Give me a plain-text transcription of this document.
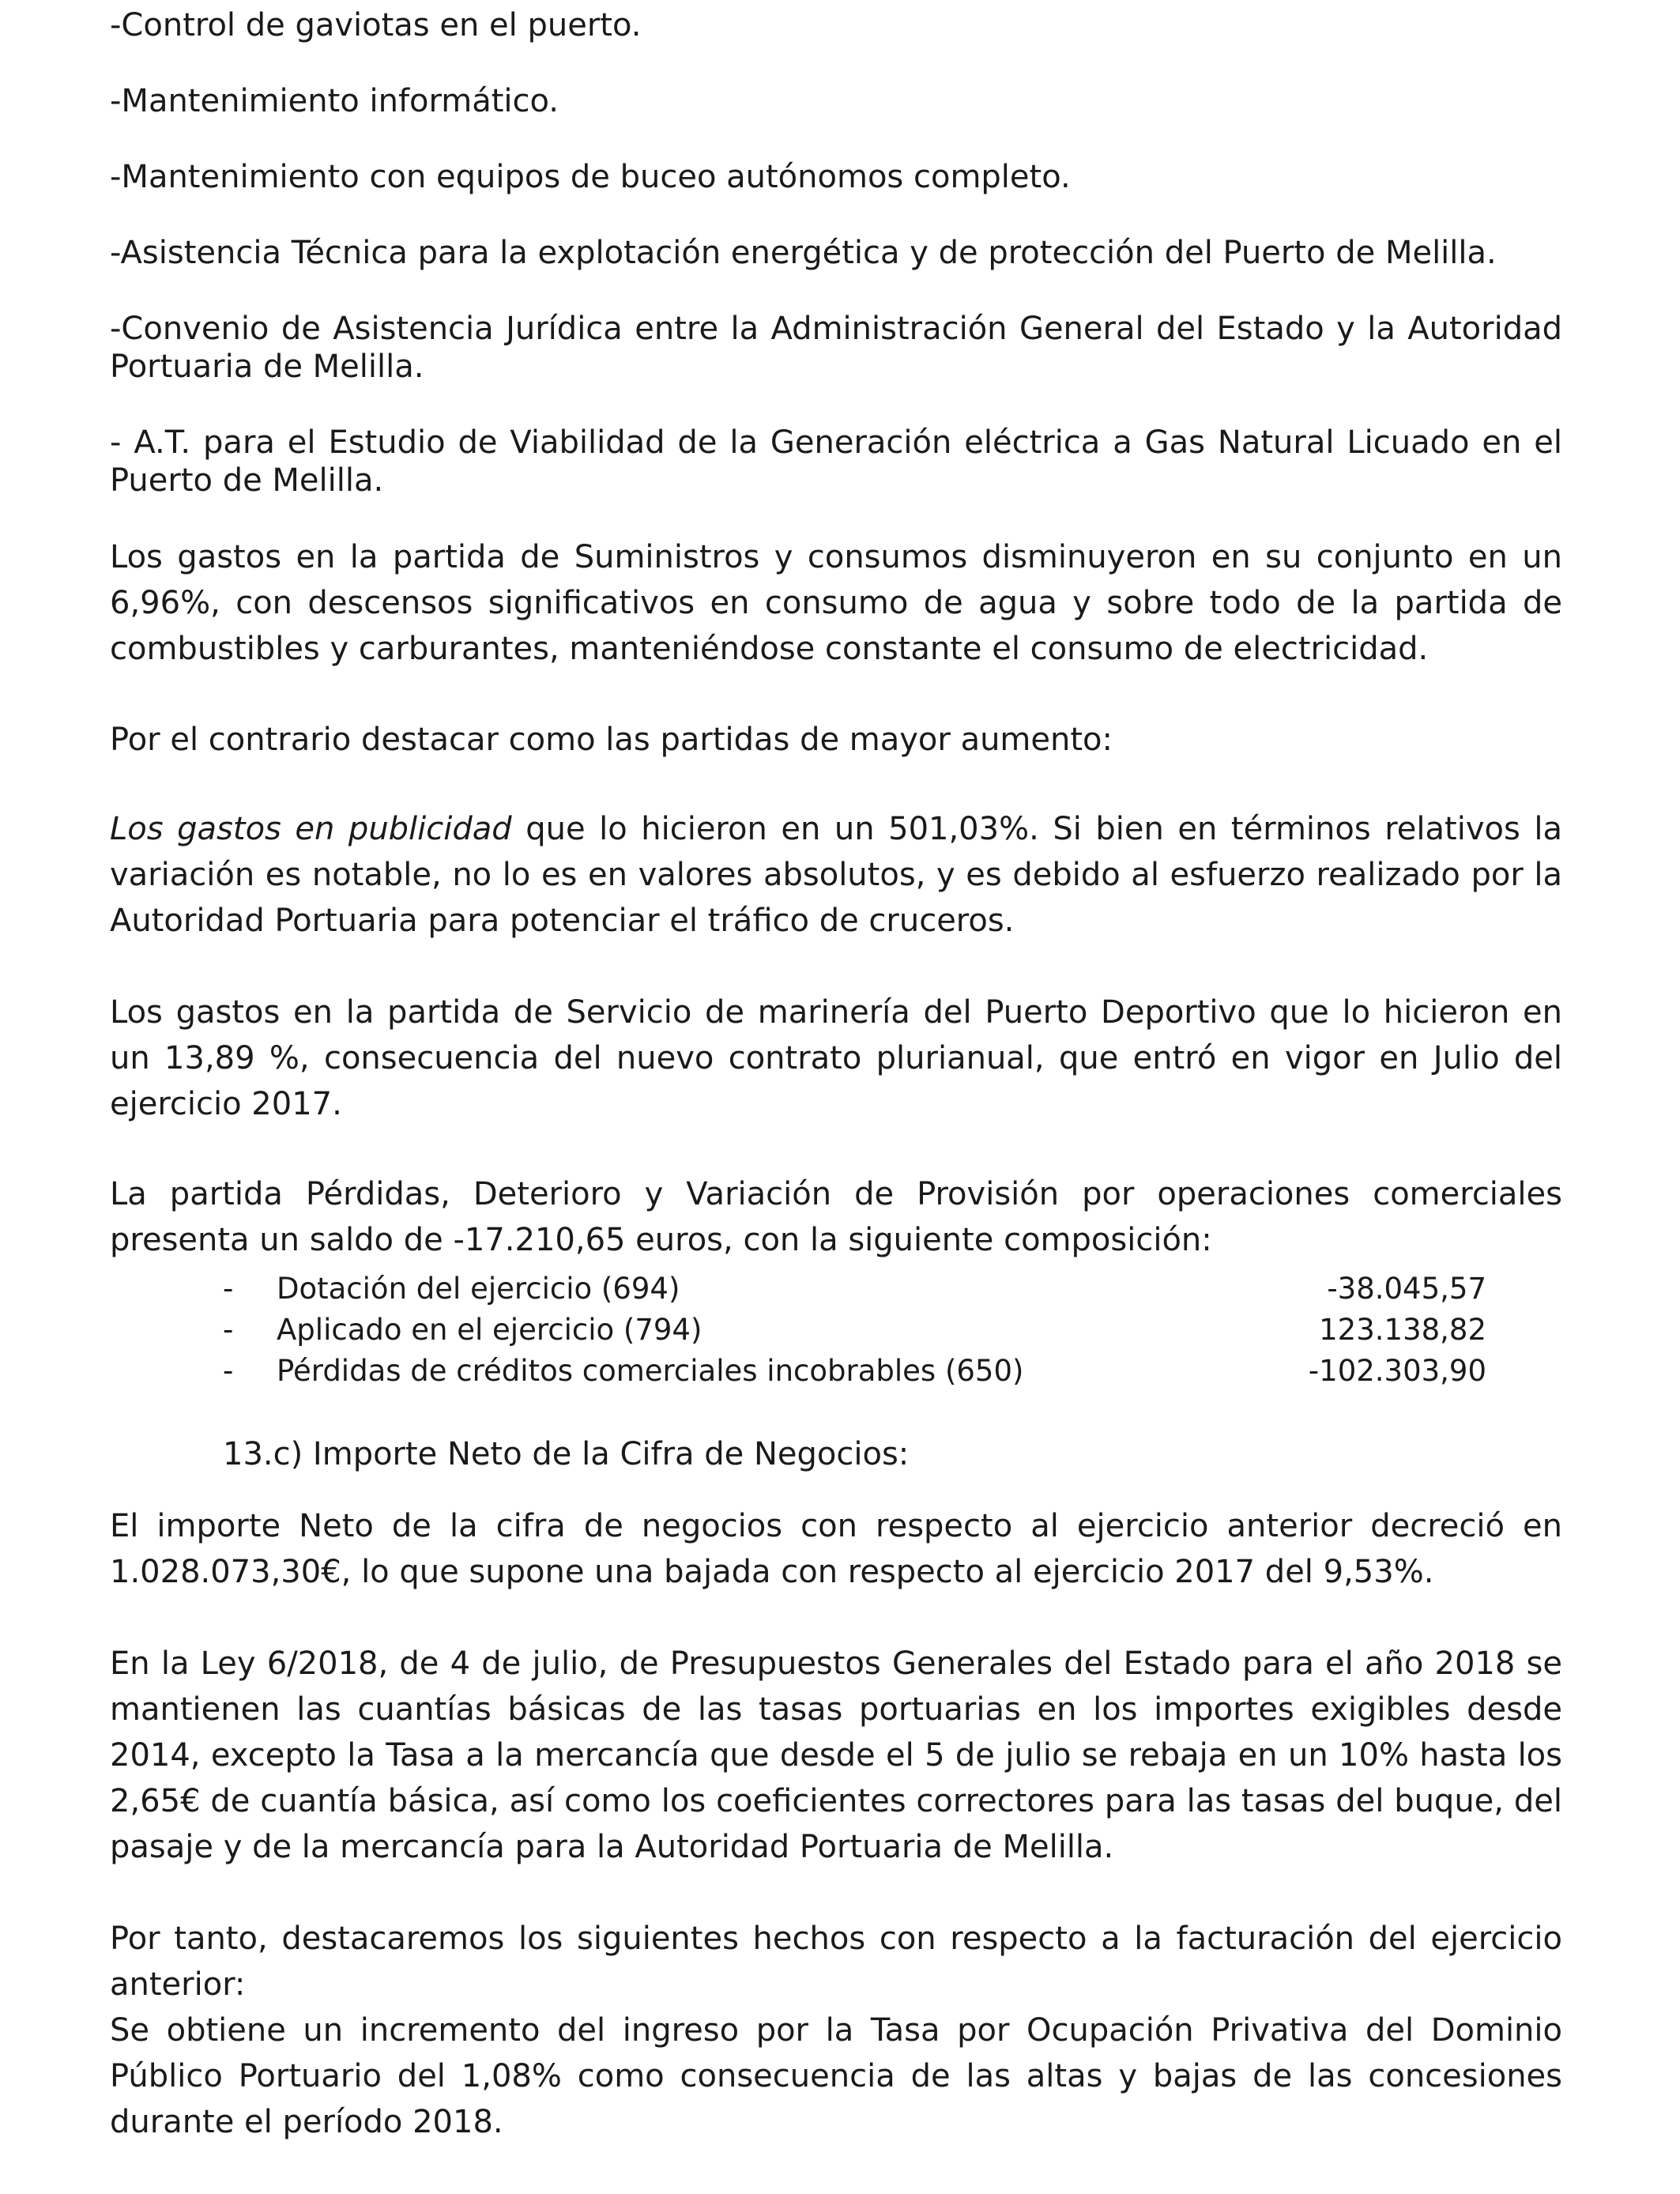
-Control de gaviotas en el puerto.
-Mantenimiento informático.
-Mantenimiento con equipos de buceo autónomos completo.
-Asistencia Técnica para la explotación energética y de protección del Puerto de Melilla.
-Convenio de Asistencia Jurídica entre la Administración General del Estado y la Autoridad Portuaria de Melilla.
- A.T. para el Estudio de Viabilidad de la Generación eléctrica a Gas Natural Licuado en el Puerto de Melilla.
Los gastos en la partida de Suministros y consumos disminuyeron en su conjunto en un 6,96%, con descensos significativos en consumo de agua y sobre todo de la partida de combustibles y carburantes, manteniéndose constante el consumo de electricidad.
Por el contrario destacar como las partidas de mayor aumento:
Los gastos en publicidad que lo hicieron en un 501,03%. Si bien en términos relativos la variación es notable, no lo es en valores absolutos, y es debido al esfuerzo realizado por la Autoridad Portuaria para potenciar el tráfico de cruceros.
Los gastos en la partida de Servicio de marinería del Puerto Deportivo que lo hicieron en un 13,89 %, consecuencia del nuevo contrato plurianual, que entró en vigor en Julio del ejercicio 2017.
La partida Pérdidas, Deterioro y Variación de Provisión por operaciones comerciales presenta un saldo de -17.210,65 euros, con la siguiente composición:
- Dotación del ejercicio (694)	-38.045,57
- Aplicado en el ejercicio (794)	123.138,82
- Pérdidas de créditos comerciales incobrables (650)	-102.303,90
13.c) Importe Neto de la Cifra de Negocios:
El importe Neto de la cifra de negocios con respecto al ejercicio anterior decreció en 1.028.073,30€, lo que supone una bajada con respecto al ejercicio 2017 del 9,53%.
En la Ley 6/2018, de 4 de julio, de Presupuestos Generales del Estado para el año 2018 se mantienen las cuantías básicas de las tasas portuarias en los importes exigibles desde 2014, excepto la Tasa a la mercancía que desde el 5 de julio se rebaja en un 10% hasta los 2,65€ de cuantía básica, así como los coeficientes correctores para las tasas del buque, del pasaje y de la mercancía para la Autoridad Portuaria de Melilla.
Por tanto, destacaremos los siguientes hechos con respecto a la facturación del ejercicio anterior:
Se obtiene un incremento del ingreso por la Tasa por Ocupación Privativa del Dominio Público Portuario del 1,08% como consecuencia de las altas y bajas de las concesiones durante el período 2018.
